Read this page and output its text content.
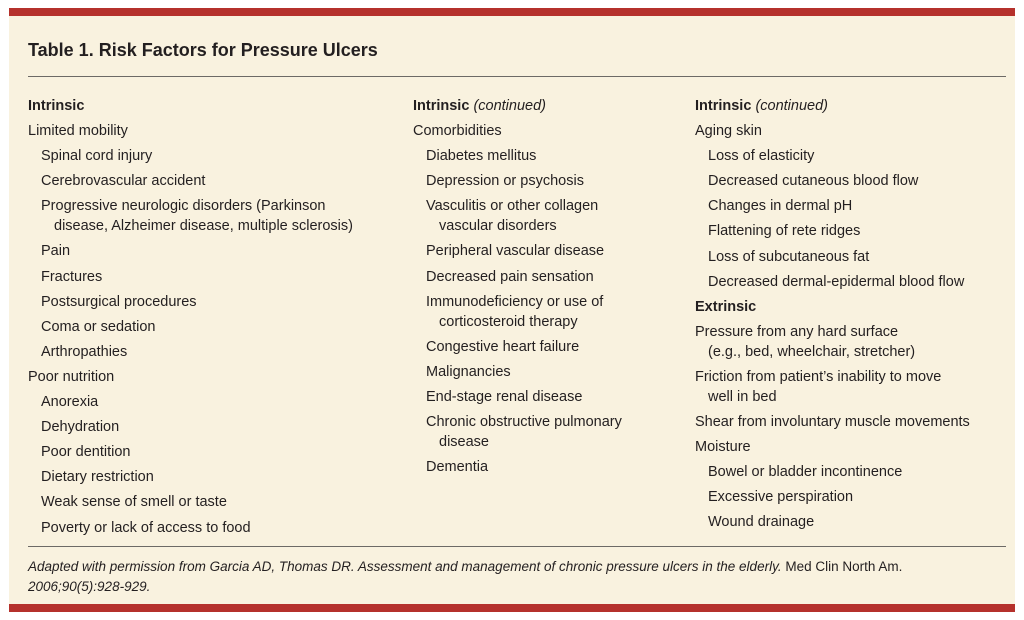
Table 1. Risk Factors for Pressure Ulcers
Intrinsic
Limited mobility
Spinal cord injury
Cerebrovascular accident
Progressive neurologic disorders (Parkinson
disease, Alzheimer disease, multiple sclerosis)
Pain
Fractures
Postsurgical procedures
Coma or sedation
Arthropathies
Poor nutrition
Anorexia
Dehydration
Poor dentition
Dietary restriction
Weak sense of smell or taste
Poverty or lack of access to food
Intrinsic (continued)
Comorbidities
Diabetes mellitus
Depression or psychosis
Vasculitis or other collagen
vascular disorders
Peripheral vascular disease
Decreased pain sensation
Immunodeficiency or use of
corticosteroid therapy
Congestive heart failure
Malignancies
End-stage renal disease
Chronic obstructive pulmonary
disease
Dementia
Intrinsic (continued)
Aging skin
Loss of elasticity
Decreased cutaneous blood flow
Changes in dermal pH
Flattening of rete ridges
Loss of subcutaneous fat
Decreased dermal-epidermal blood flow
Extrinsic
Pressure from any hard surface
(e.g., bed, wheelchair, stretcher)
Friction from patient’s inability to move
well in bed
Shear from involuntary muscle movements
Moisture
Bowel or bladder incontinence
Excessive perspiration
Wound drainage
Adapted with permission from Garcia AD, Thomas DR. Assessment and management of chronic pressure ulcers in the elderly. Med Clin North Am.
2006;90(5):928-929.
